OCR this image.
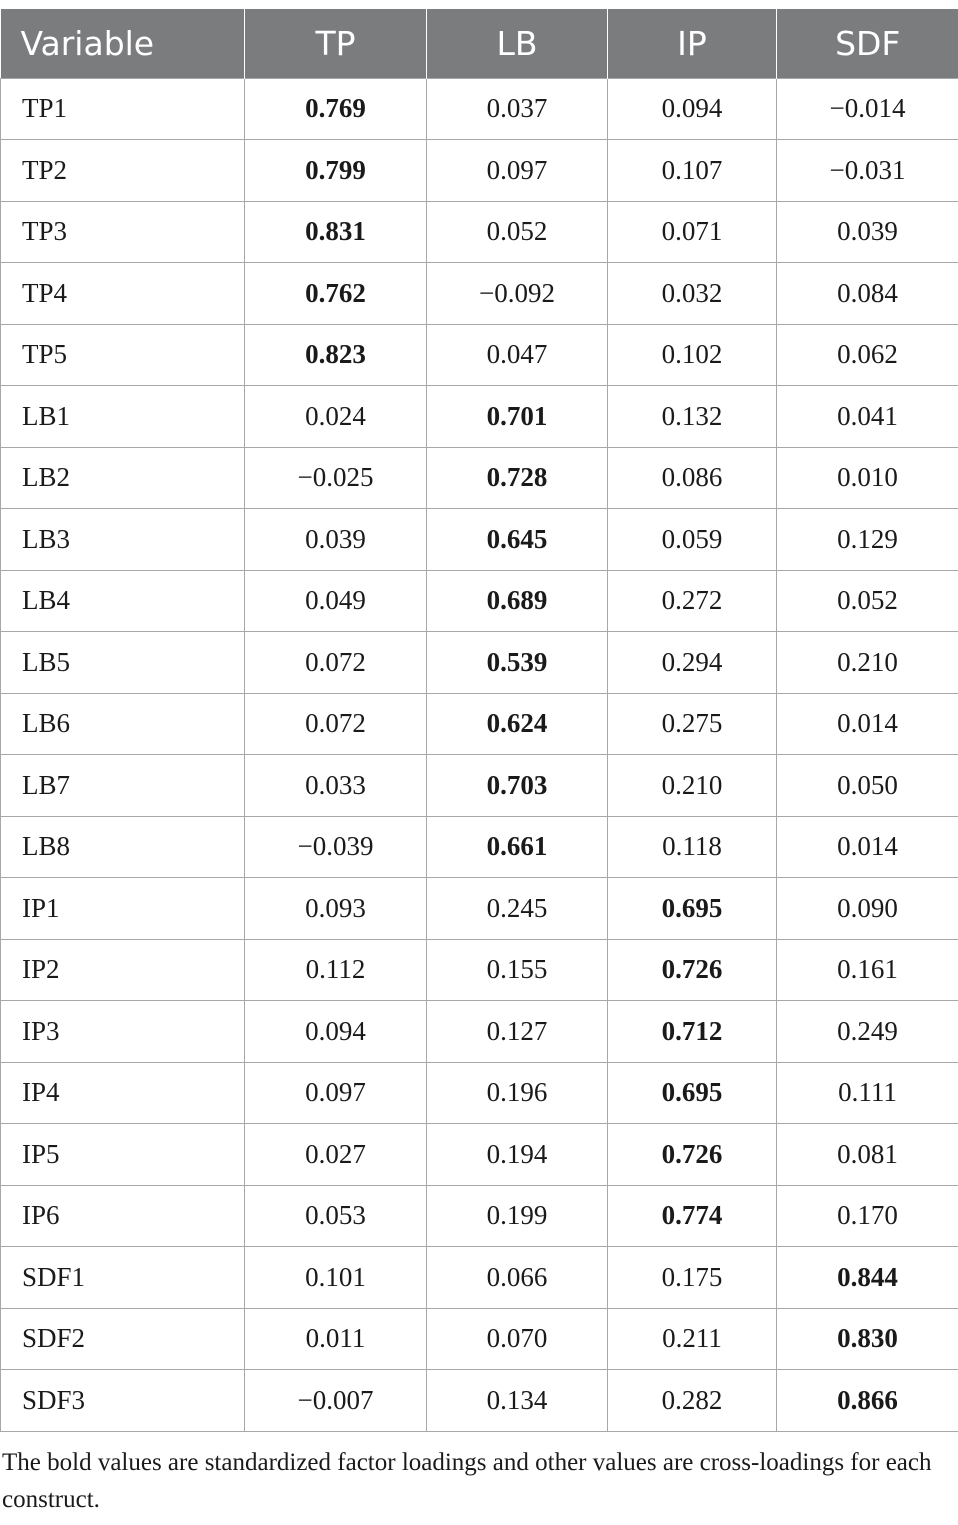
Variable	TP	LB	IP	SDF
TP1	0.769	0.037	0.094	−0.014
TP2	0.799	0.097	0.107	−0.031
TP3	0.831	0.052	0.071	0.039
TP4	0.762	−0.092	0.032	0.084
TP5	0.823	0.047	0.102	0.062
LB1	0.024	0.701	0.132	0.041
LB2	−0.025	0.728	0.086	0.010
LB3	0.039	0.645	0.059	0.129
LB4	0.049	0.689	0.272	0.052
LB5	0.072	0.539	0.294	0.210
LB6	0.072	0.624	0.275	0.014
LB7	0.033	0.703	0.210	0.050
LB8	−0.039	0.661	0.118	0.014
IP1	0.093	0.245	0.695	0.090
IP2	0.112	0.155	0.726	0.161
IP3	0.094	0.127	0.712	0.249
IP4	0.097	0.196	0.695	0.111
IP5	0.027	0.194	0.726	0.081
IP6	0.053	0.199	0.774	0.170
SDF1	0.101	0.066	0.175	0.844
SDF2	0.011	0.070	0.211	0.830
SDF3	−0.007	0.134	0.282	0.866

The bold values are standardized factor loadings and other values are cross-loadings for each construct.
